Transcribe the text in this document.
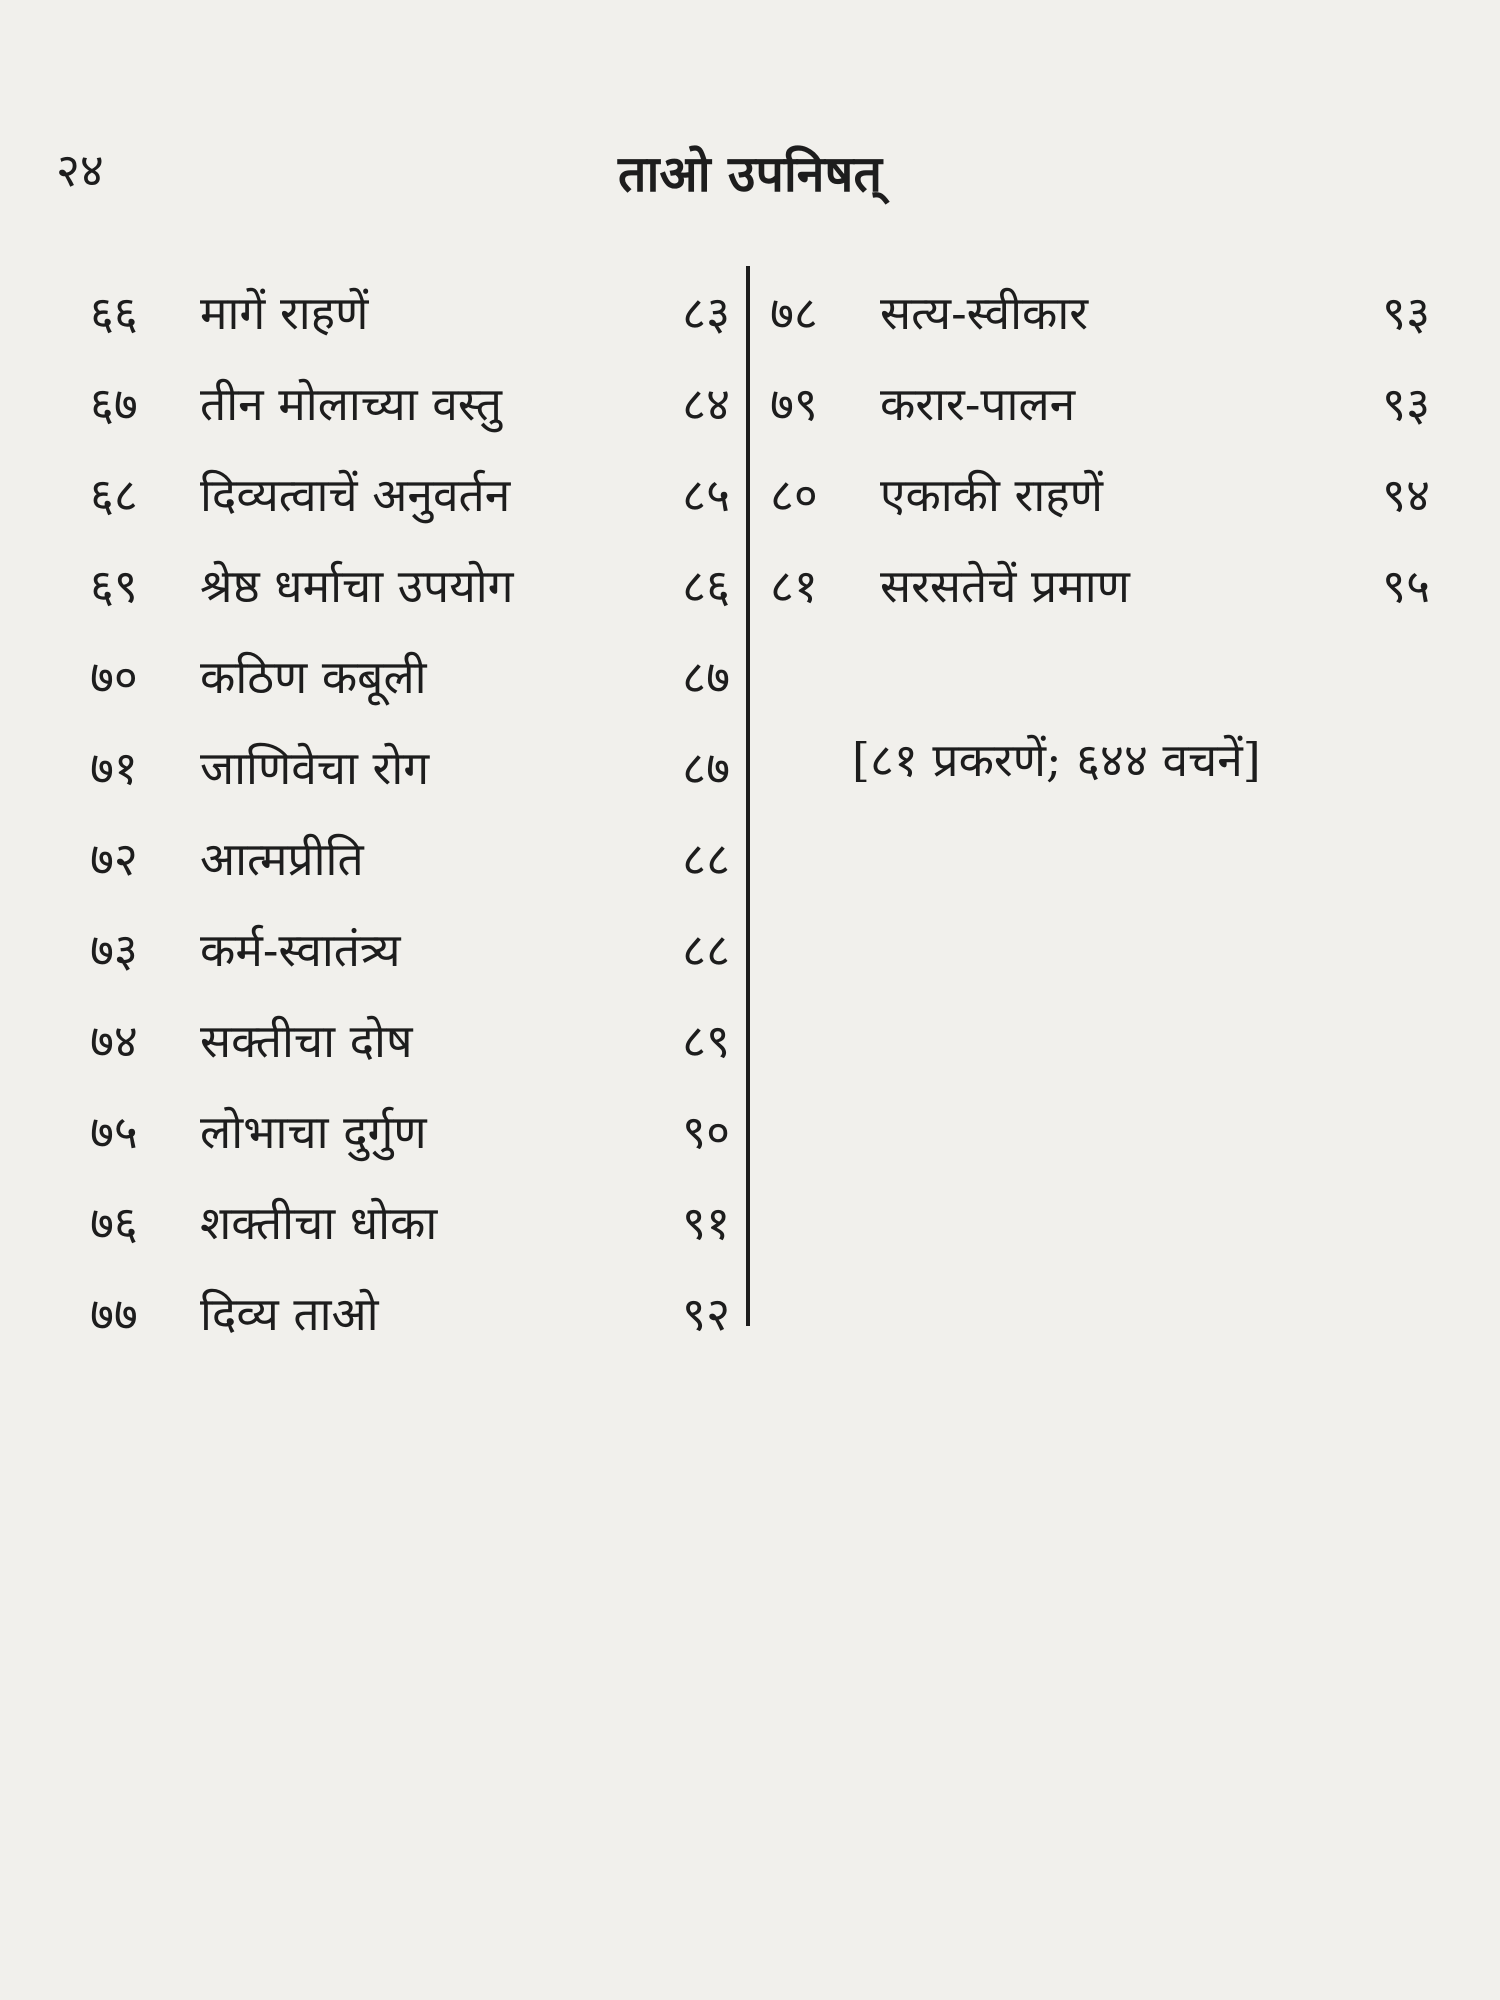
२४	ताओ उपनिषत्
६६ मागें राहणें	८३
६७ तीन मोलाच्या वस्तु	८४
६८ दिव्यत्वाचें अनुवर्तन	८५
६९ श्रेष्ठ धर्माचा उपयोग	८६
७० कठिण कबूली	८७
७१ जाणिवेचा रोग	८७
७२ आत्मप्रीति	८८
७३ कर्म-स्वातंत्र्य	८८
७४ सक्तीचा दोष	८९
७५ लोभाचा दुर्गुण	९०
७६ शक्तीचा धोका	९१
७७ दिव्य ताओ	९२
७८ सत्य-स्वीकार	९३
७९ करार-पालन	९३
८० एकाकी राहणें	९४
८१ सरसतेचें प्रमाण	९५
[८१ प्रकरणें; ६४४ वचनें]
